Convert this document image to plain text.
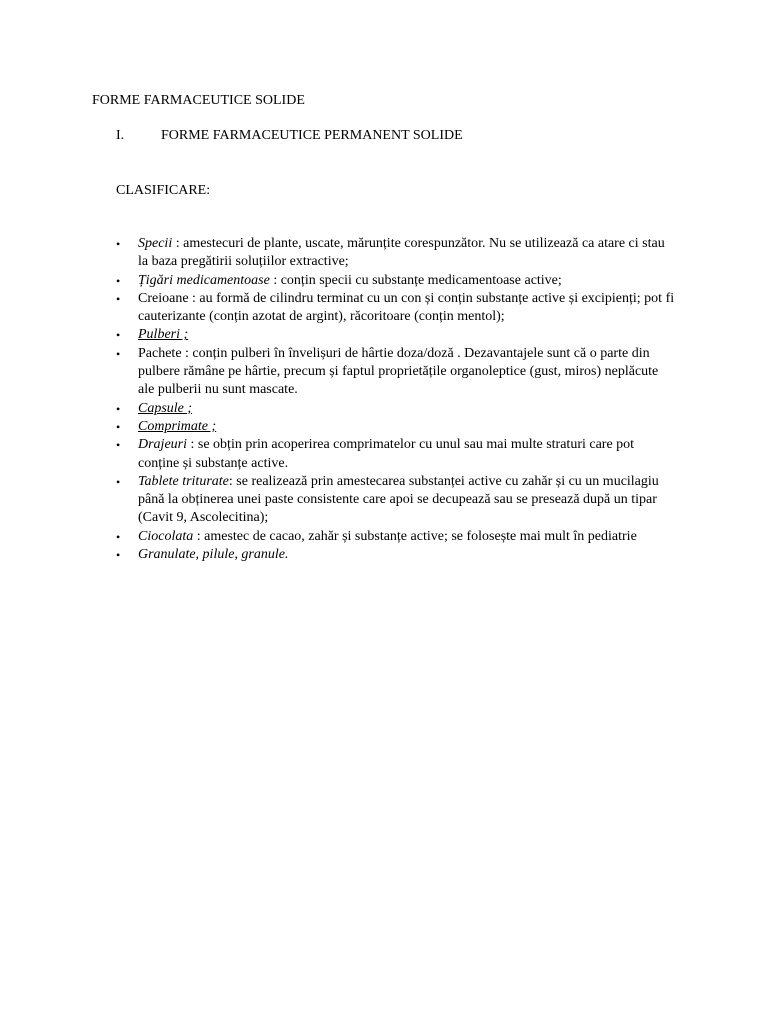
FORME FARMACEUTICE SOLIDE
I.	FORME FARMACEUTICE PERMANENT SOLIDE
CLASIFICARE:
•	Specii : amestecuri de plante, uscate, mărunțite corespunzător. Nu se utilizează ca atare ci stau la baza pregătirii soluțiilor extractive;
•	Țigări medicamentoase : conțin specii cu substanțe medicamentoase active;
•	Creioane : au formă de cilindru terminat cu un con și conțin substanțe active și excipienți; pot fi cauterizante (conțin azotat de argint), răcoritoare (conțin mentol);
•	Pulberi ;
•	Pachete : conțin pulberi în învelișuri de hârtie doza/doză . Dezavantajele sunt că o parte din pulbere rămâne pe hârtie, precum și faptul proprietățile organoleptice (gust, miros) neplăcute ale pulberii nu sunt mascate.
•	Capsule ;
•	Comprimate ;
•	Drajeuri : se obțin prin acoperirea comprimatelor cu unul sau mai multe straturi care pot conține și substanțe active.
•	Tablete triturate: se realizează prin amestecarea substanței active cu zahăr și cu un mucilagiu până la obținerea unei paste consistente care apoi se decupează sau se presează după un tipar (Cavit 9, Ascolecitina);
•	Ciocolata : amestec de cacao, zahăr și substanțe active; se folosește mai mult în pediatrie
•	Granulate, pilule, granule.
